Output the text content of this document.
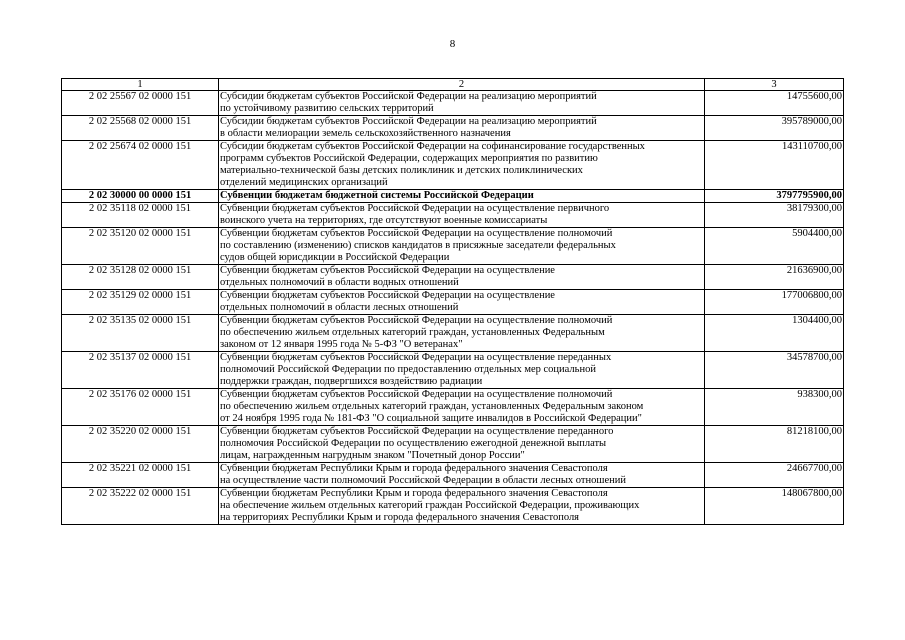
8
1	2	3
2 02 25567 02 0000 151	Субсидии бюджетам субъектов Российской Федерации на реализацию мероприятий
по устойчивому развитию сельских территорий	14755600,00
2 02 25568 02 0000 151	Субсидии бюджетам субъектов Российской Федерации на реализацию мероприятий
в области мелиорации земель сельскохозяйственного назначения	395789000,00
2 02 25674 02 0000 151	Субсидии бюджетам субъектов Российской Федерации на софинансирование государственных
программ субъектов Российской Федерации, содержащих мероприятия по развитию
материально-технической базы детских поликлиник и детских поликлинических
отделений медицинских организаций	143110700,00
2 02 30000 00 0000 151	Субвенции бюджетам бюджетной системы Российской Федерации	3797795900,00
2 02 35118 02 0000 151	Субвенции бюджетам субъектов Российской Федерации на осуществление первичного
воинского учета на территориях, где отсутствуют военные комиссариаты	38179300,00
2 02 35120 02 0000 151	Субвенции бюджетам субъектов Российской Федерации на осуществление полномочий
по составлению (изменению) списков кандидатов в присяжные заседатели федеральных
судов общей юрисдикции в Российской Федерации	5904400,00
2 02 35128 02 0000 151	Субвенции бюджетам субъектов Российской Федерации на осуществление
отдельных полномочий в области водных отношений	21636900,00
2 02 35129 02 0000 151	Субвенции бюджетам субъектов Российской Федерации на осуществление
отдельных полномочий в области лесных отношений	177006800,00
2 02 35135 02 0000 151	Субвенции бюджетам субъектов Российской Федерации на осуществление полномочий
по обеспечению жильем отдельных категорий граждан, установленных Федеральным
законом от 12 января 1995 года № 5-ФЗ "О ветеранах"	1304400,00
2 02 35137 02 0000 151	Субвенции бюджетам субъектов Российской Федерации на осуществление переданных
полномочий Российской Федерации по предоставлению отдельных мер социальной
поддержки граждан, подвергшихся воздействию радиации	34578700,00
2 02 35176 02 0000 151	Субвенции бюджетам субъектов Российской Федерации на осуществление полномочий
по обеспечению жильем отдельных категорий граждан, установленных Федеральным законом
от 24 ноября 1995 года № 181-ФЗ "О социальной защите инвалидов в Российской Федерации"	938300,00
2 02 35220 02 0000 151	Субвенции бюджетам субъектов Российской Федерации на осуществление переданного
полномочия Российской Федерации по осуществлению ежегодной денежной выплаты
лицам, награжденным нагрудным знаком "Почетный донор России"	81218100,00
2 02 35221 02 0000 151	Субвенции бюджетам Республики Крым и города федерального значения Севастополя
на осуществление части полномочий Российской Федерации в области лесных отношений	24667700,00
2 02 35222 02 0000 151	Субвенции бюджетам Республики Крым и города федерального значения Севастополя
на обеспечение жильем отдельных категорий граждан Российской Федерации, проживающих
на территориях Республики Крым и города федерального значения Севастополя	148067800,00
